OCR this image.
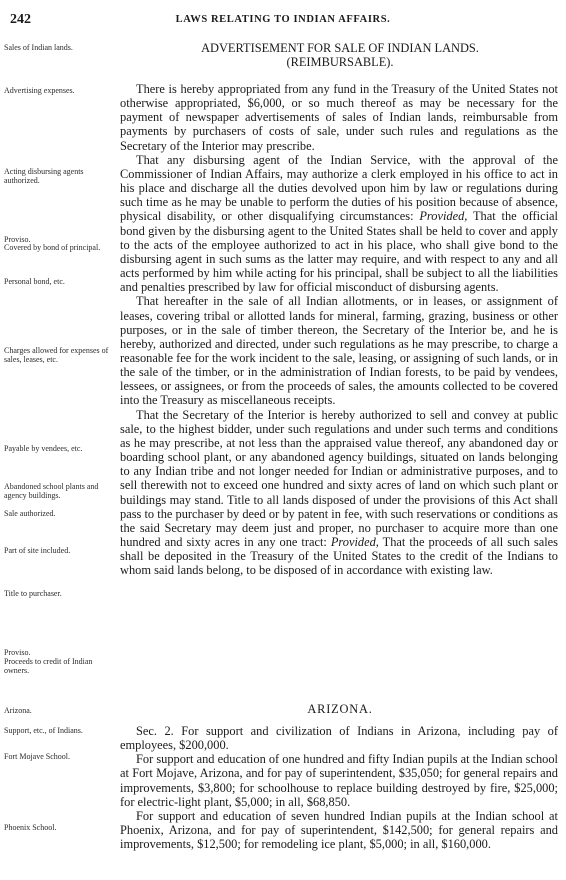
242	LAWS RELATING TO INDIAN AFFAIRS.
ADVERTISEMENT FOR SALE OF INDIAN LANDS.
(REIMBURSABLE).
Sales of Indian lands.
Advertising expenses.
Acting disbursing agents authorized.
Proviso.
Covered by bond of principal.
Personal bond, etc.
Charges allowed for expenses of sales, leases, etc.
Payable by vendees, etc.
Abandoned school plants and agency buildings.
Sale authorized.
Part of site included.
Title to purchaser.
Proviso.
Proceeds to credit of Indian owners.
Arizona.
Support, etc., of Indians.
Fort Mojave School.
Phoenix School.

There is hereby appropriated from any fund in the Treasury of the United States not otherwise appropriated, $6,000, or so much thereof as may be necessary for the payment of newspaper advertisements of sales of Indian lands, reimbursable from payments by purchasers of costs of sale, under such rules and regulations as the Secretary of the Interior may prescribe.

That any disbursing agent of the Indian Service, with the approval of the Commissioner of Indian Affairs, may authorize a clerk employed in his office to act in his place and discharge all the duties devolved upon him by law or regulations during such time as he may be unable to perform the duties of his position because of absence, physical disability, or other disqualifying circumstances: Provided, That the official bond given by the disbursing agent to the United States shall be held to cover and apply to the acts of the employee authorized to act in his place, who shall give bond to the disbursing agent in such sums as the latter may require, and with respect to any and all acts performed by him while acting for his principal, shall be subject to all the liabilities and penalties prescribed by law for official misconduct of disbursing agents.

That hereafter in the sale of all Indian allotments, or in leases, or assignment of leases, covering tribal or allotted lands for mineral, farming, grazing, business or other purposes, or in the sale of timber thereon, the Secretary of the Interior be, and he is hereby, authorized and directed, under such regulations as he may prescribe, to charge a reasonable fee for the work incident to the sale, leasing, or assigning of such lands, or in the sale of the timber, or in the administration of Indian forests, to be paid by vendees, lessees, or assignees, or from the proceeds of sales, the amounts collected to be covered into the Treasury as miscellaneous receipts.

That the Secretary of the Interior is hereby authorized to sell and convey at public sale, to the highest bidder, under such regulations and under such terms and conditions as he may prescribe, at not less than the appraised value thereof, any abandoned day or boarding school plant, or any abandoned agency buildings, situated on lands belonging to any Indian tribe and not longer needed for Indian or administrative purposes, and to sell therewith not to exceed one hundred and sixty acres of land on which such plant or buildings may stand. Title to all lands disposed of under the provisions of this Act shall pass to the purchaser by deed or by patent in fee, with such reservations or conditions as the said Secretary may deem just and proper, no purchaser to acquire more than one hundred and sixty acres in any one tract: Provided, That the proceeds of all such sales shall be deposited in the Treasury of the United States to the credit of the Indians to whom said lands belong, to be disposed of in accordance with existing law.

ARIZONA.

Sec. 2. For support and civilization of Indians in Arizona, including pay of employees, $200,000.

For support and education of one hundred and fifty Indian pupils at the Indian school at Fort Mojave, Arizona, and for pay of superintendent, $35,050; for general repairs and improvements, $3,800; for schoolhouse to replace building destroyed by fire, $25,000; for electric-light plant, $5,000; in all, $68,850.

For support and education of seven hundred Indian pupils at the Indian school at Phoenix, Arizona, and for pay of superintendent, $142,500; for general repairs and improvements, $12,500; for remodeling ice plant, $5,000; in all, $160,000.
